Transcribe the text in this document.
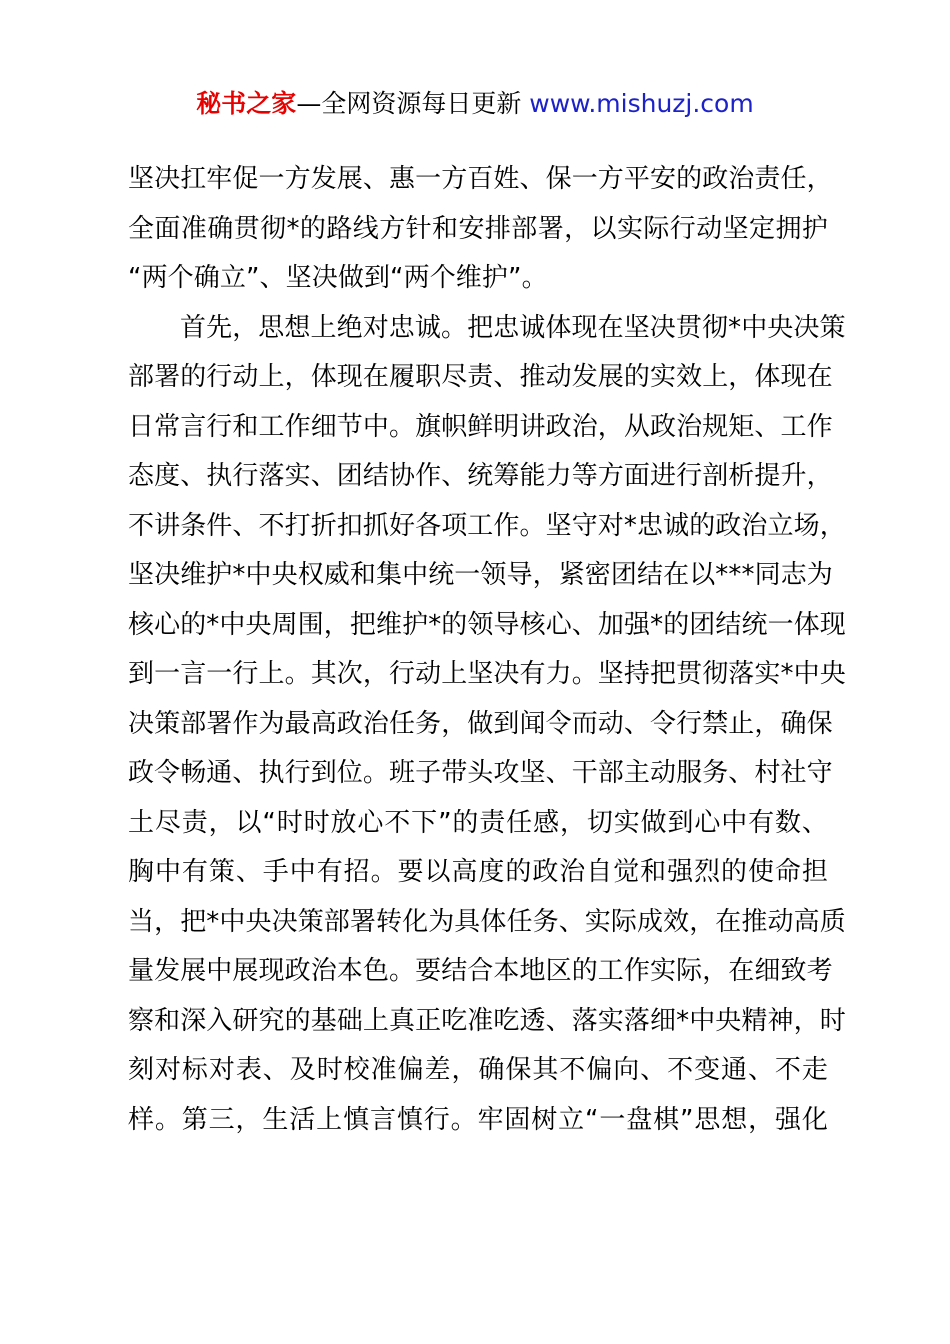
秘书之家—全网资源每日更新 www.mishuzj.com
坚决扛牢促一方发展、惠一方百姓、保一方平安的政治责任，
全面准确贯彻*的路线方针和安排部署，以实际行动坚定拥护
“两个确立”、坚决做到“两个维护”。
首先，思想上绝对忠诚。把忠诚体现在坚决贯彻*中央决策
部署的行动上，体现在履职尽责、推动发展的实效上，体现在
日常言行和工作细节中。旗帜鲜明讲政治，从政治规矩、工作
态度、执行落实、团结协作、统筹能力等方面进行剖析提升，
不讲条件、不打折扣抓好各项工作。坚守对*忠诚的政治立场，
坚决维护*中央权威和集中统一领导，紧密团结在以***同志为
核心的*中央周围，把维护*的领导核心、加强*的团结统一体现
到一言一行上。其次，行动上坚决有力。坚持把贯彻落实*中央
决策部署作为最高政治任务，做到闻令而动、令行禁止，确保
政令畅通、执行到位。班子带头攻坚、干部主动服务、村社守
土尽责，以“时时放心不下”的责任感，切实做到心中有数、
胸中有策、手中有招。要以高度的政治自觉和强烈的使命担
当，把*中央决策部署转化为具体任务、实际成效，在推动高质
量发展中展现政治本色。要结合本地区的工作实际，在细致考
察和深入研究的基础上真正吃准吃透、落实落细*中央精神，时
刻对标对表、及时校准偏差，确保其不偏向、不变通、不走
样。第三，生活上慎言慎行。牢固树立“一盘棋”思想，强化
